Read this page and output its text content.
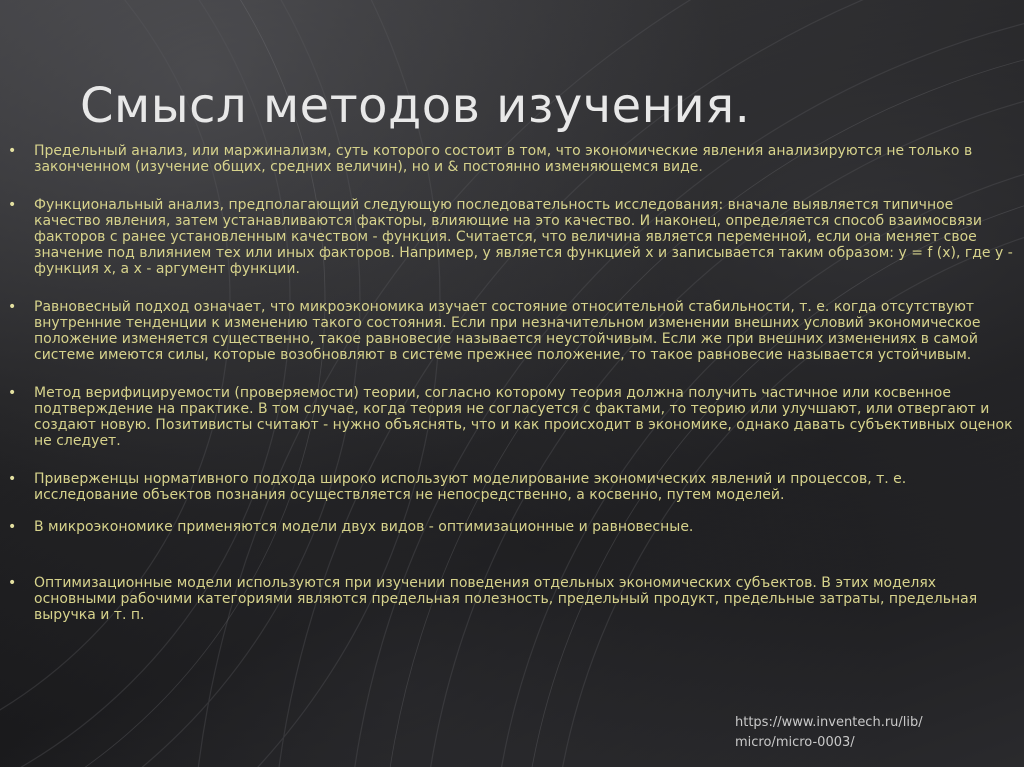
Смысл методов изучения.
• Предельный анализ, или маржинализм, суть которого состоит в том, что экономические явления анализируются не только в законченном (изучение общих, средних величин), но и & постоянно изменяющемся виде.
• Функциональный анализ, предполагающий следующую последовательность исследования: вначале выявляется типичное качество явления, затем устанавливаются факторы, влияющие на это качество. И наконец, определяется способ взаимосвязи факторов с ранее установленным качеством - функция. Считается, что величина является переменной, если она меняет свое значение под влиянием тех или иных факторов. Например, у является функцией х и записывается таким образом: у = f (х), где у - функция х, а х - аргумент функции.
• Равновесный подход означает, что микроэкономика изучает состояние относительной стабильности, т. е. когда отсутствуют внутренние тенденции к изменению такого состояния. Если при незначительном изменении внешних условий экономическое положение изменяется существенно, такое равновесие называется неустойчивым. Если же при внешних изменениях в самой системе имеются силы, которые возобновляют в системе прежнее положение, то такое равновесие называется устойчивым.
• Метод верифицируемости (проверяемости) теории, согласно которому теория должна получить частичное или косвенное подтверждение на практике. В том случае, когда теория не согласуется с фактами, то теорию или улучшают, или отвергают и создают новую. Позитивисты считают - нужно объяснять, что и как происходит в экономике, однако давать субъективных оценок не следует.
• Приверженцы нормативного подхода широко используют моделирование экономических явлений и процессов, т. е. исследование объектов познания осуществляется не непосредственно, а косвенно, путем моделей.
• В микроэкономике применяются модели двух видов - оптимизационные и равновесные.
• Оптимизационные модели используются при изучении поведения отдельных экономических субъектов. В этих моделях основными рабочими категориями являются предельная полезность, предельный продукт, предельные затраты, предельная выручка и т. п.
https://www.inventech.ru/lib/
micro/micro-0003/
